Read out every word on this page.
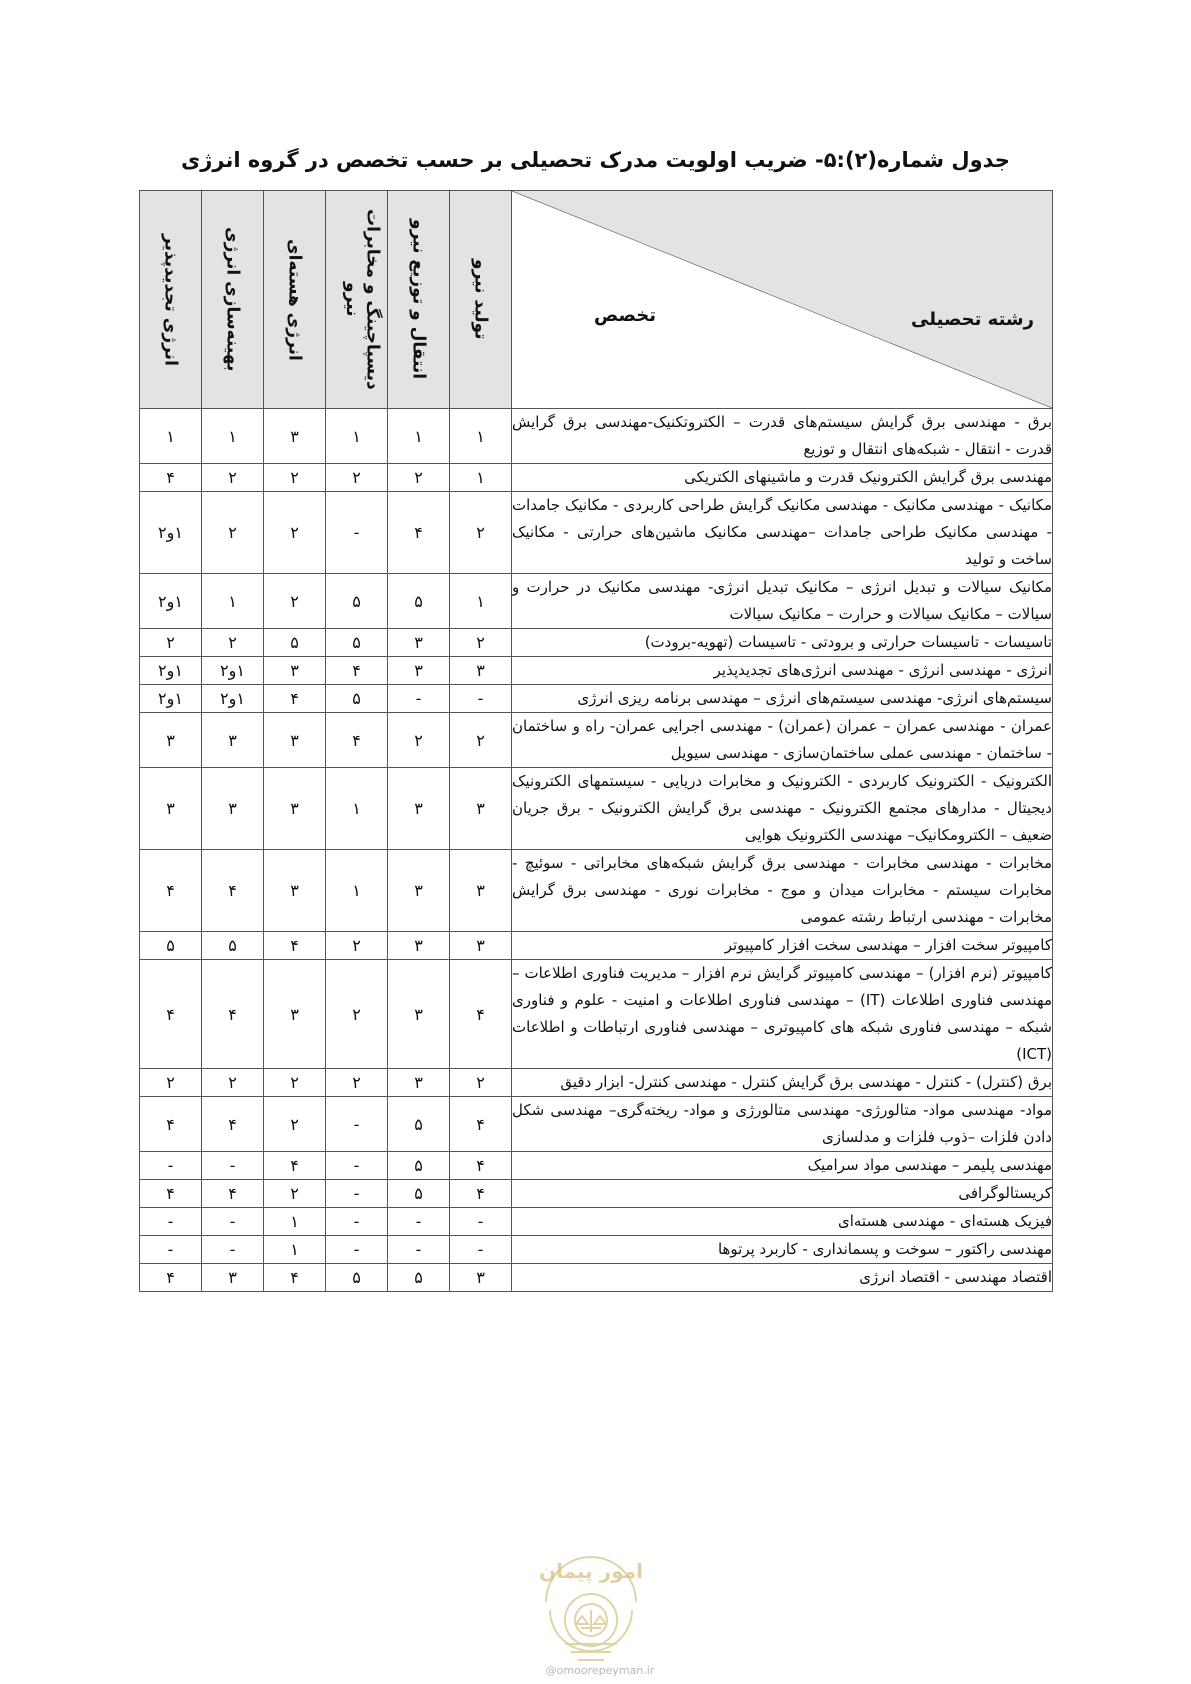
جدول شماره(۲):۵- ضریب اولویت مدرک تحصیلی بر حسب تخصص در گروه انرژی
رشته تحصیلی
تخصص	تولید نیرو	انتقال و توزیع نیرو	دیسپاچینگ و مخابرات نیرو	انرژی هسته‌ای	بهینه‌سازی انرژی	انرژی تجدیدپذیر

برق - مهندسی برق گرایش سیستم‌های قدرت – الکتروتکنیک-مهندسی برق گرایش قدرت - انتقال - شبکه‌های انتقال و توزیع	۱	۱	۱	۳	۱	۱
مهندسی برق گرایش الکترونیک قدرت و ماشینهای الکتریکی	۱	۲	۲	۲	۲	۴
مکانیک - مهندسی مکانیک - مهندسی مکانیک گرایش طراحی کاربردی - مکانیک جامدات - مهندسی مکانیک طراحی جامدات –مهندسی مکانیک ماشین‌های حرارتی - مکانیک ساخت و تولید	۲	۴	-	۲	۲	۱و۲
مکانیک سیالات و تبدیل انرژی – مکانیک تبدیل انرژی- مهندسی مکانیک در حرارت و سیالات – مکانیک سیالات و حرارت – مکانیک سیالات	۱	۵	۵	۲	۱	۱و۲
تاسیسات - تاسیسات حرارتی و برودتی - تاسیسات (تهویه-برودت)	۲	۳	۵	۵	۲	۲
انرژی - مهندسی انرژی - مهندسی انرژی‌های تجدیدپذیر	۳	۳	۴	۳	۱و۲	۱و۲
سیستم‌های انرژی- مهندسی سیستم‌های انرژی – مهندسی برنامه ریزی انرژی	-	-	۵	۴	۱و۲	۱و۲
عمران - مهندسی عمران – عمران (عمران) - مهندسی اجرایی عمران- راه و ساختمان - ساختمان - مهندسی عملی ساختمان‌سازی - مهندسی سیویل	۲	۲	۴	۳	۳	۳
الکترونیک - الکترونیک کاربردی - الکترونیک و مخابرات دریایی - سیستمهای الکترونیک دیجیتال - مدارهای مجتمع الکترونیک - مهندسی برق گرایش الکترونیک - برق جریان ضعیف – الکترومکانیک– مهندسی الکترونیک هوایی	۳	۳	۱	۳	۳	۳
مخابرات - مهندسی مخابرات - مهندسی برق گرایش شبکه‌های مخابراتی - سوئیچ - مخابرات سیستم - مخابرات میدان و موج - مخابرات نوری - مهندسی برق گرایش مخابرات - مهندسی ارتباط رشته عمومی	۳	۳	۱	۳	۴	۴
کامپیوتر سخت افزار – مهندسی سخت افزار کامپیوتر	۳	۳	۲	۴	۵	۵
کامپیوتر (نرم افزار) – مهندسی کامپیوتر گرایش نرم افزار – مدیریت فناوری اطلاعات – مهندسی فناوری اطلاعات (IT) – مهندسی فناوری اطلاعات و امنیت - علوم و فناوری شبکه – مهندسی فناوری شبکه های کامپیوتری – مهندسی فناوری ارتباطات و اطلاعات (ICT)	۴	۳	۲	۳	۴	۴
برق (کنترل) - کنترل - مهندسی برق گرایش کنترل - مهندسی کنترل- ابزار دقیق	۲	۳	۲	۲	۲	۲
مواد- مهندسی مواد- متالورژی- مهندسی متالورژی و مواد- ریخته‌گری– مهندسی شکل دادن فلزات –ذوب فلزات و مدلسازی	۴	۵	-	۲	۴	۴
مهندسی پلیمر – مهندسی مواد سرامیک	۴	۵	-	۴	-	-
کریستالوگرافی	۴	۵	-	۲	۴	۴
فیزیک هسته‌ای - مهندسی هسته‌ای	-	-	-	۱	-	-
مهندسی راکتور – سوخت و پسمانداری - کاربرد پرتوها	-	-	-	۱	-	-
اقتصاد مهندسی - اقتصاد انرژی	۳	۵	۵	۴	۳	۴
امور پیمان
@omoorepeyman.ir
